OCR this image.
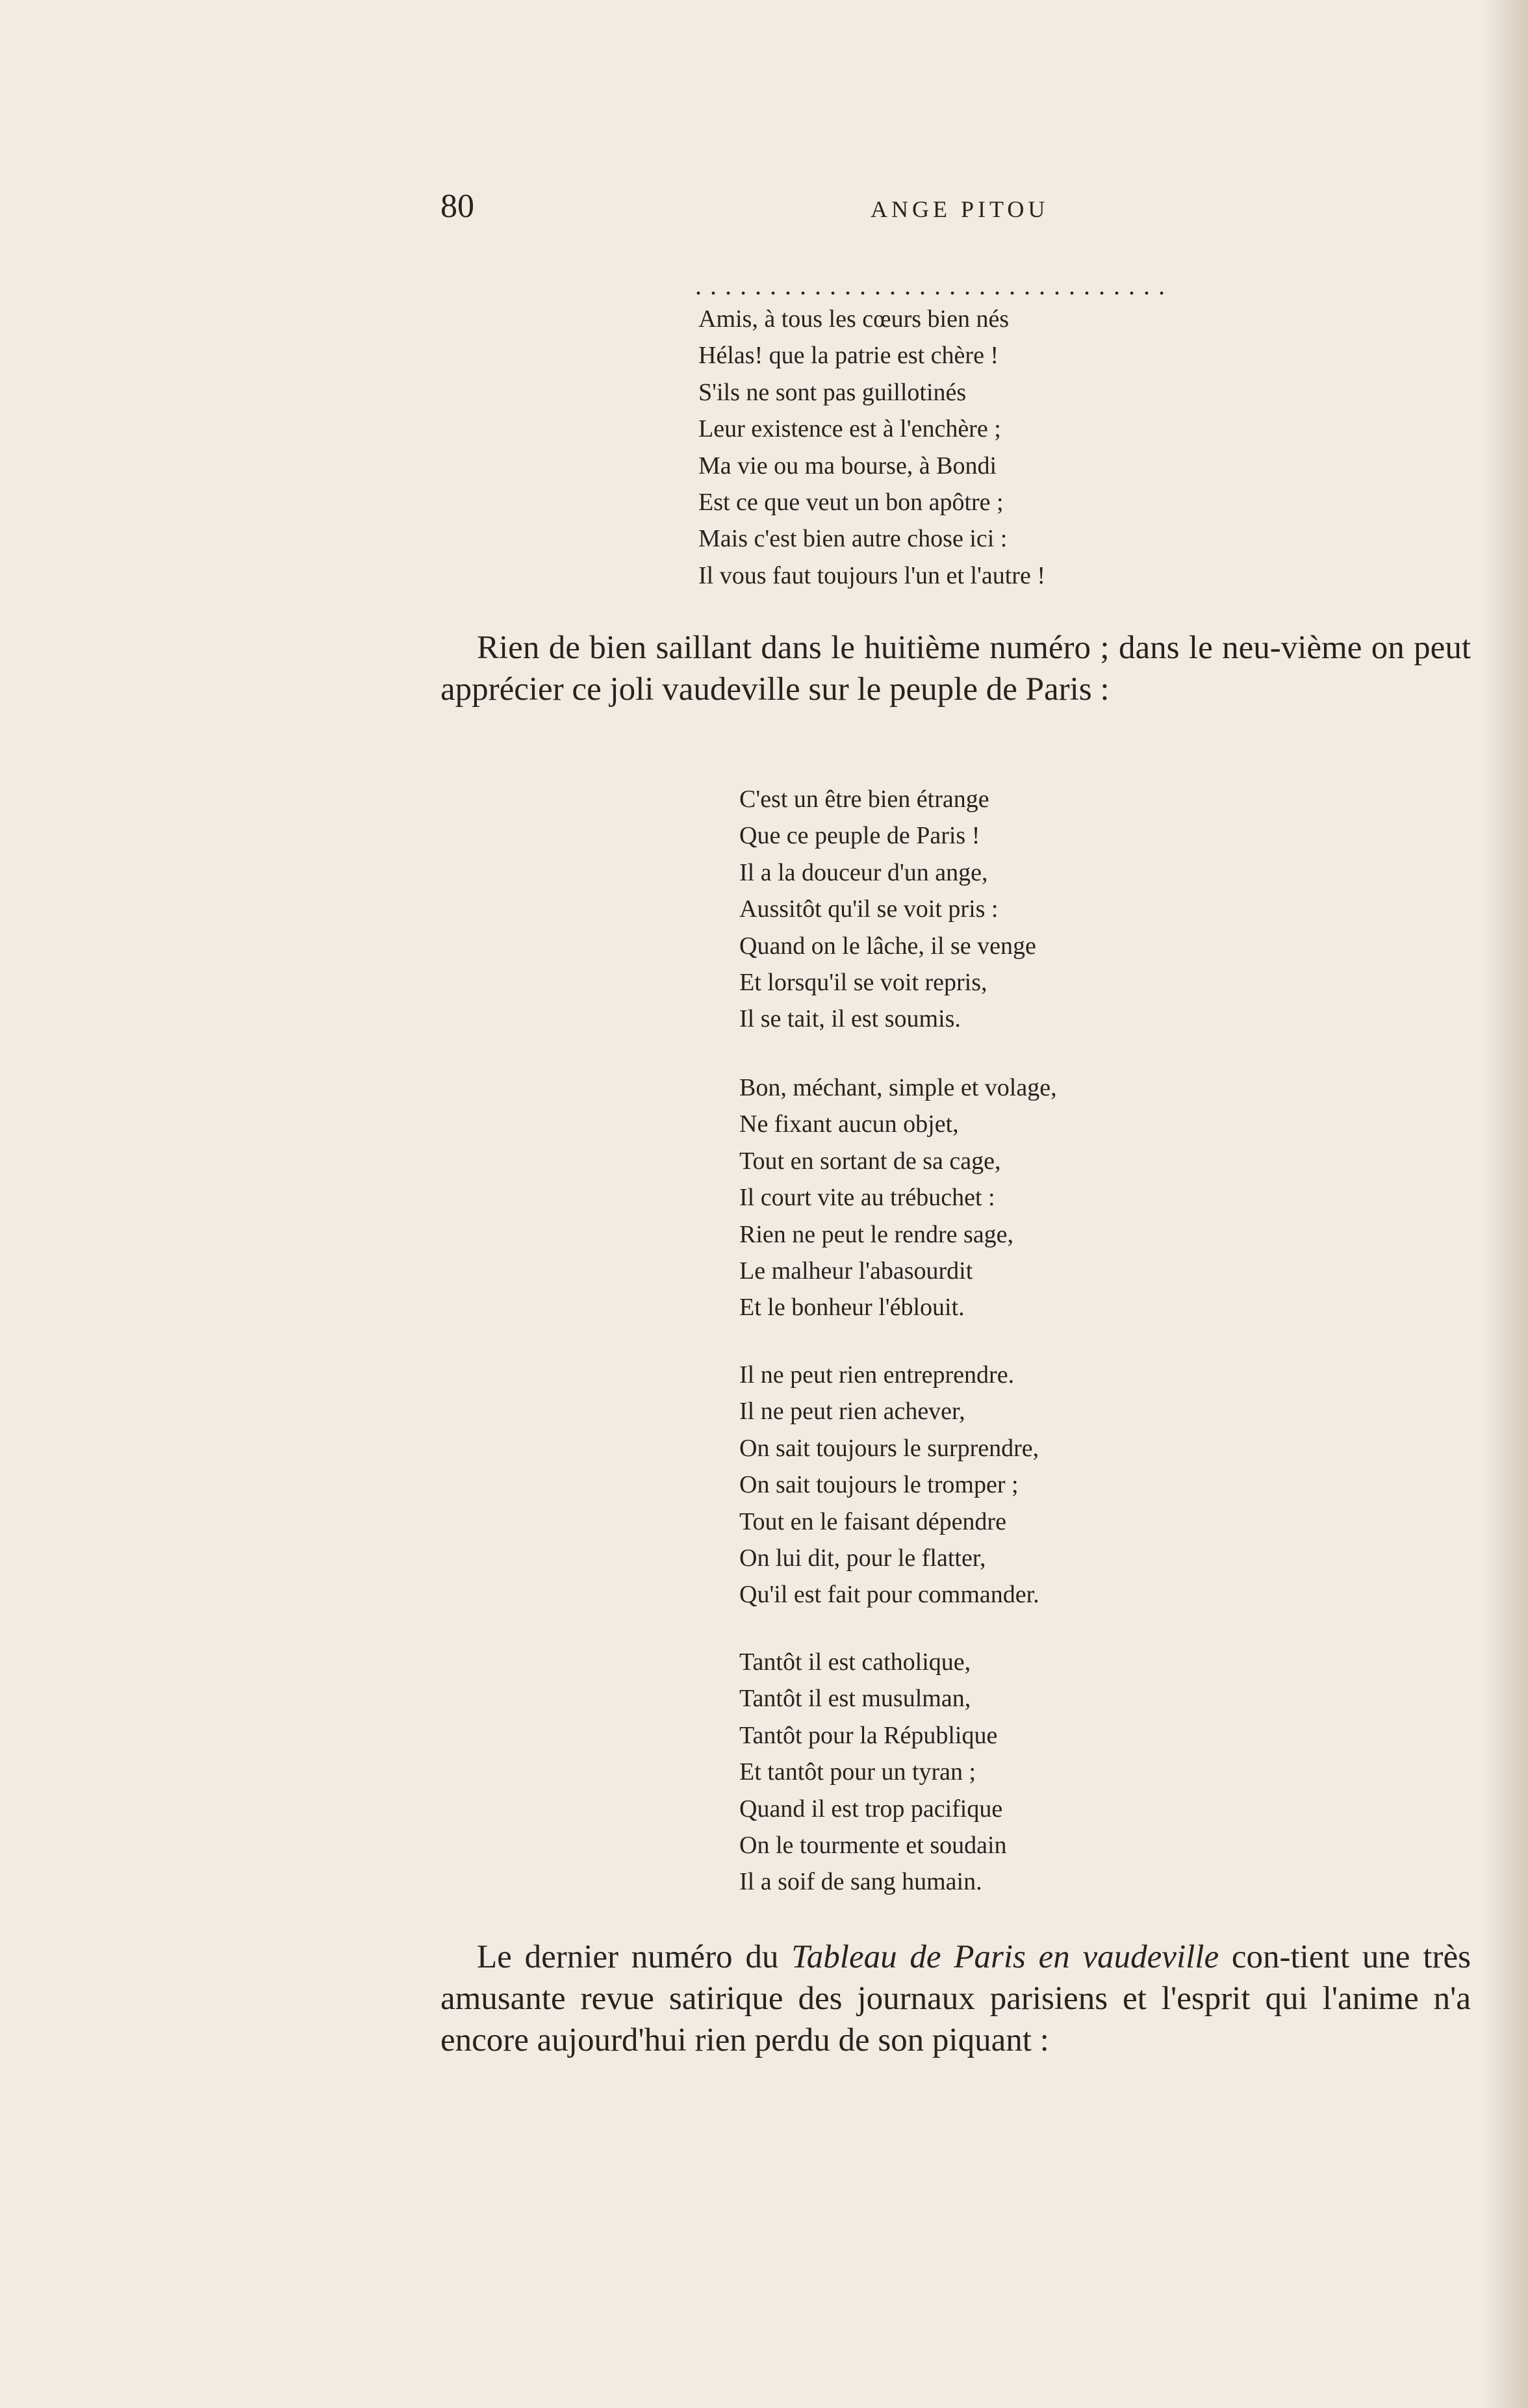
80	ANGE PITOU
................................
Amis, à tous les cœurs bien nés
Hélas! que la patrie est chère !
S'ils ne sont pas guillotinés
Leur existence est à l'enchère ;
Ma vie ou ma bourse, à Bondi
Est ce que veut un bon apôtre ;
Mais c'est bien autre chose ici :
Il vous faut toujours l'un et l'autre !

Rien de bien saillant dans le huitième numéro ; dans le neu-vième on peut apprécier ce joli vaudeville sur le peuple de Paris :

C'est un être bien étrange
Que ce peuple de Paris !
Il a la douceur d'un ange,
Aussitôt qu'il se voit pris :
Quand on le lâche, il se venge
Et lorsqu'il se voit repris,
Il se tait, il est soumis.
Bon, méchant, simple et volage,
Ne fixant aucun objet,
Tout en sortant de sa cage,
Il court vite au trébuchet :
Rien ne peut le rendre sage,
Le malheur l'abasourdit
Et le bonheur l'éblouit.
Il ne peut rien entreprendre.
Il ne peut rien achever,
On sait toujours le surprendre,
On sait toujours le tromper ;
Tout en le faisant dépendre
On lui dit, pour le flatter,
Qu'il est fait pour commander.
Tantôt il est catholique,
Tantôt il est musulman,
Tantôt pour la République
Et tantôt pour un tyran ;
Quand il est trop pacifique
On le tourmente et soudain
Il a soif de sang humain.

Le dernier numéro du Tableau de Paris en vaudeville con-tient une très amusante revue satirique des journaux parisiens et l'esprit qui l'anime n'a encore aujourd'hui rien perdu de son piquant :
